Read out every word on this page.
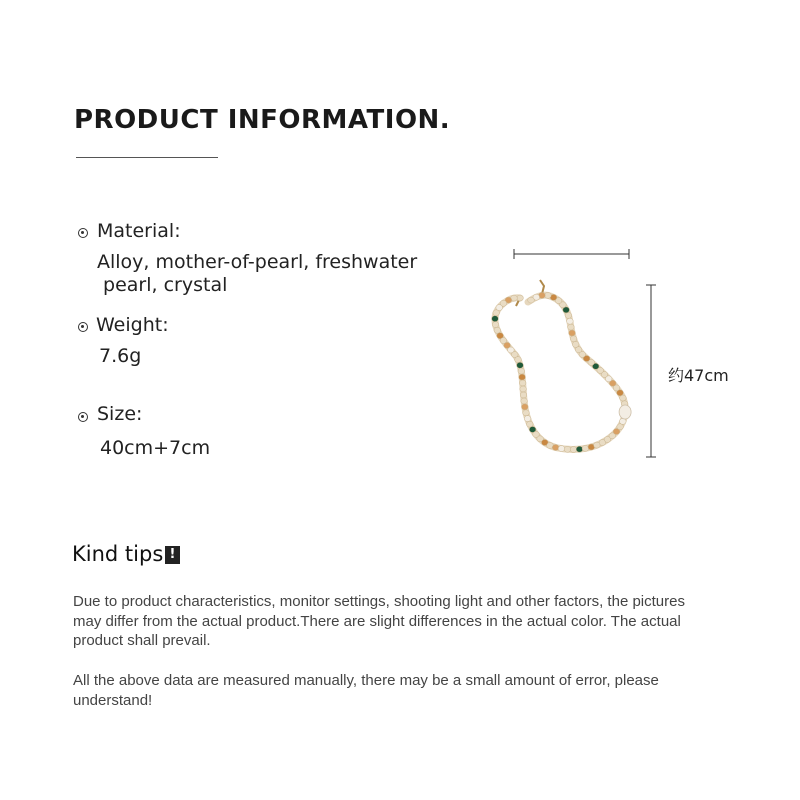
PRODUCT INFORMATION.
Material:
Alloy, mother-of-pearl, freshwater
pearl, crystal
Weight:
7.6g
Size:
40cm+7cm
约47cm
Kind tips !
Due to product characteristics, monitor settings, shooting light and other factors, the pictures may differ from the actual product.There are slight differences in the actual color. The actual product shall prevail.
All the above data are measured manually, there may be a small amount of error, please understand!
